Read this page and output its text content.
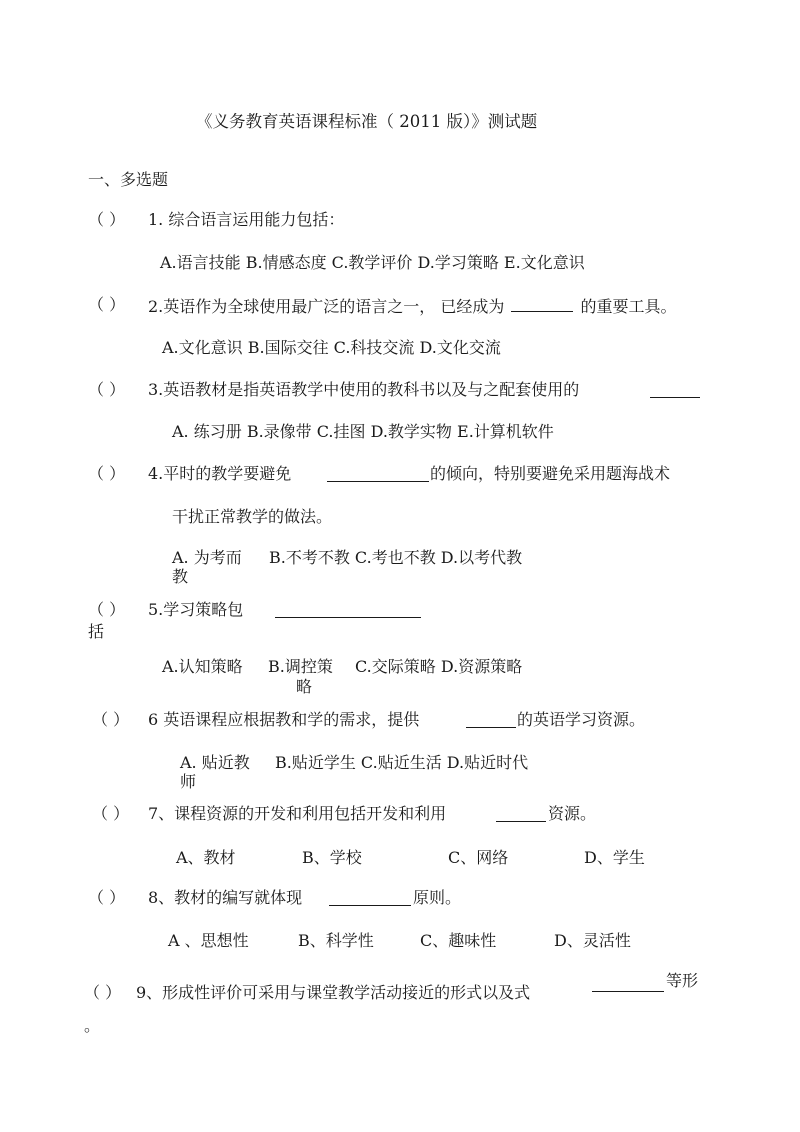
《义务教育英语课程标准（ 2011 版）》测试题
一、多选题
（ ） 1. 综合语言运用能力包括：
A.语言技能 B.情感态度 C.教学评价 D.学习策略 E.文化意识
（ ） 2.英语作为全球使用最广泛的语言之一， 已经成为	的重要工具。
A.文化意识 B.国际交往 C.科技交流 D.文化交流
（ ） 3.英语教材是指英语教学中使用的教科书以及与之配套使用的
A. 练习册 B.录像带 C.挂图 D.教学实物 E.计算机软件
（ ） 4.平时的教学要避免	的倾向，特别要避免采用题海战术
干扰正常教学的做法。
A. 为考而
教
B.不考不教 C.考也不教 D.以考代教
（ ） 5.学习策略包
括
A.认知策略 B.调控策
略
C.交际策略 D.资源策略
（ ） 6 英语课程应根据教和学的需求，提供	的英语学习资源。
A. 贴近教
师
B.贴近学生 C.贴近生活 D.贴近时代
（ ） 7、课程资源的开发和利用包括开发和利用	资源。
A、教材	B、学校	C、网络	D、学生
（ ） 8、教材的编写就体现	原则。
A 、思想性	B、科学性	C、趣味性	D、灵活性
（ ） 9、形成性评价可采用与课堂教学活动接近的形式以及式
等形
。
